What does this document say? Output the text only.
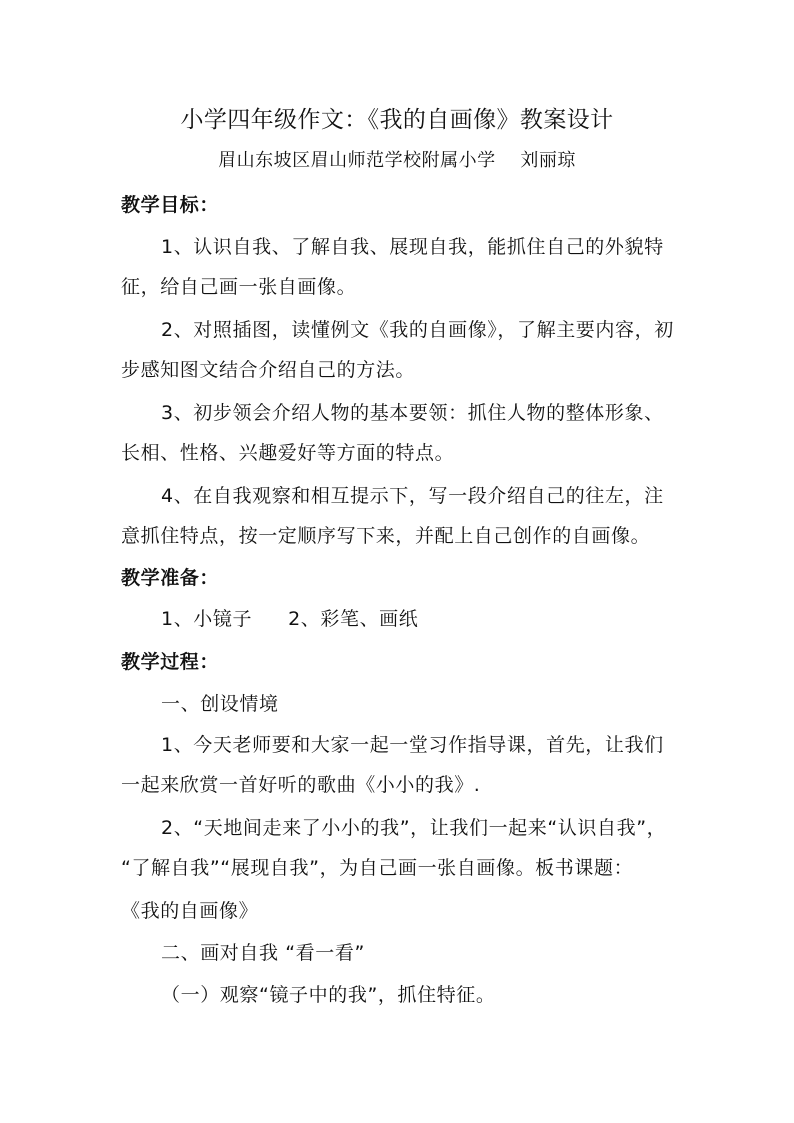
小学四年级作文：《我的自画像》教案设计
眉山东坡区眉山师范学校附属小学　 刘丽琼
教学目标：
1、认识自我、了解自我、展现自我，能抓住自己的外貌特
征，给自己画一张自画像。
2、对照插图，读懂例文《我的自画像》，了解主要内容，初
步感知图文结合介绍自己的方法。
3、初步领会介绍人物的基本要领：抓住人物的整体形象、
长相、性格、兴趣爱好等方面的特点。
4、在自我观察和相互提示下，写一段介绍自己的往左，注
意抓住特点，按一定顺序写下来，并配上自己创作的自画像。
教学准备：
1、小镜子 2、彩笔、画纸
教学过程：
一、创设情境
1、今天老师要和大家一起一堂习作指导课，首先，让我们
一起来欣赏一首好听的歌曲《小小的我》.
2、“天地间走来了小小的我”，让我们一起来“认识自我”，
“了解自我”“展现自我”，为自己画一张自画像。板书课题：
《我的自画像》
二、画对自我 “看一看”
（一）观察“镜子中的我”，抓住特征。
